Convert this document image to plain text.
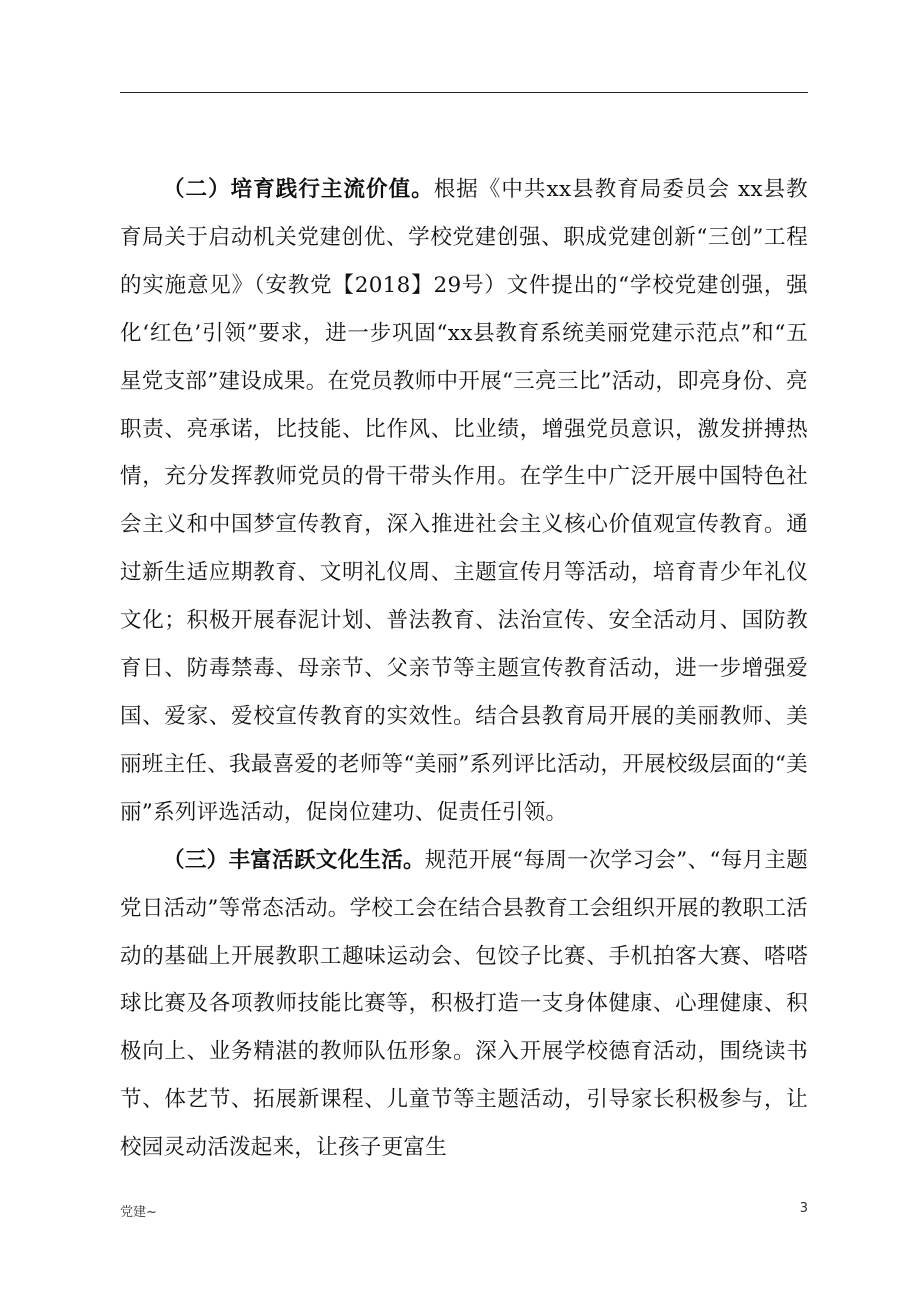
（二）培育践行主流价值。根据《中共xx县教育局委员会 xx县教育局关于启动机关党建创优、学校党建创强、职成党建创新“三创”工程的实施意见》（安教党【2018】29号）文件提出的“学校党建创强，强化‘红色’引领”要求，进一步巩固“xx县教育系统美丽党建示范点”和“五星党支部”建设成果。在党员教师中开展“三亮三比”活动，即亮身份、亮职责、亮承诺，比技能、比作风、比业绩，增强党员意识，激发拼搏热情，充分发挥教师党员的骨干带头作用。在学生中广泛开展中国特色社会主义和中国梦宣传教育，深入推进社会主义核心价值观宣传教育。通过新生适应期教育、文明礼仪周、主题宣传月等活动，培育青少年礼仪文化；积极开展春泥计划、普法教育、法治宣传、安全活动月、国防教育日、防毒禁毒、母亲节、父亲节等主题宣传教育活动，进一步增强爱国、爱家、爱校宣传教育的实效性。结合县教育局开展的美丽教师、美丽班主任、我最喜爱的老师等“美丽”系列评比活动，开展校级层面的“美丽”系列评选活动，促岗位建功、促责任引领。

（三）丰富活跃文化生活。规范开展“每周一次学习会”、“每月主题党日活动”等常态活动。学校工会在结合县教育工会组织开展的教职工活动的基础上开展教职工趣味运动会、包饺子比赛、手机拍客大赛、嗒嗒球比赛及各项教师技能比赛等，积极打造一支身体健康、心理健康、积极向上、业务精湛的教师队伍形象。深入开展学校德育活动，围绕读书节、体艺节、拓展新课程、儿童节等主题活动，引导家长积极参与，让校园灵动活泼起来，让孩子更富生

党建~	3
